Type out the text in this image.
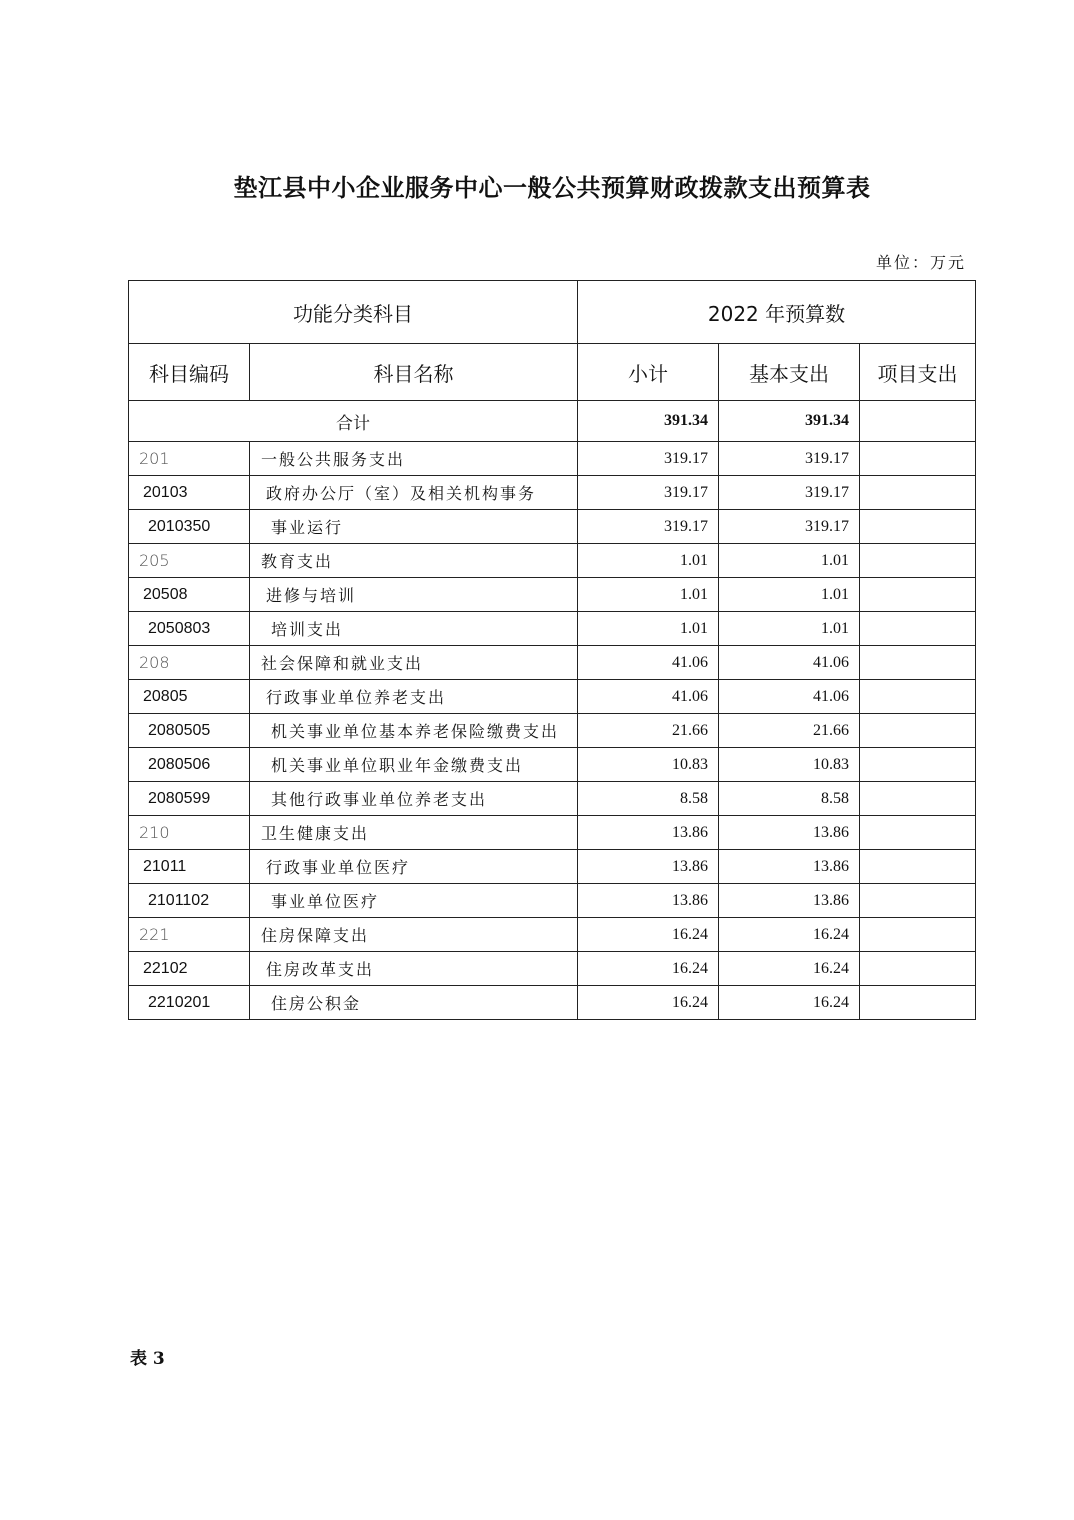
垫江县中小企业服务中心一般公共预算财政拨款支出预算表
单位：万元
功能分类科目		2022 年预算数		
科目编码	科目名称	小计	基本支出	项目支出
合计		391.34	391.34	
201	一般公共服务支出	319.17	319.17	
20103	政府办公厅（室）及相关机构事务	319.17	319.17	
2010350	事业运行	319.17	319.17	
205	教育支出	1.01	1.01	
20508	进修与培训	1.01	1.01	
2050803	培训支出	1.01	1.01	
208	社会保障和就业支出	41.06	41.06	
20805	行政事业单位养老支出	41.06	41.06	
2080505	机关事业单位基本养老保险缴费支出	21.66	21.66	
2080506	机关事业单位职业年金缴费支出	10.83	10.83	
2080599	其他行政事业单位养老支出	8.58	8.58	
210	卫生健康支出	13.86	13.86	
21011	行政事业单位医疗	13.86	13.86	
2101102	事业单位医疗	13.86	13.86	
221	住房保障支出	16.24	16.24	
22102	住房改革支出	16.24	16.24	
2210201	住房公积金	16.24	16.24	
表 3
